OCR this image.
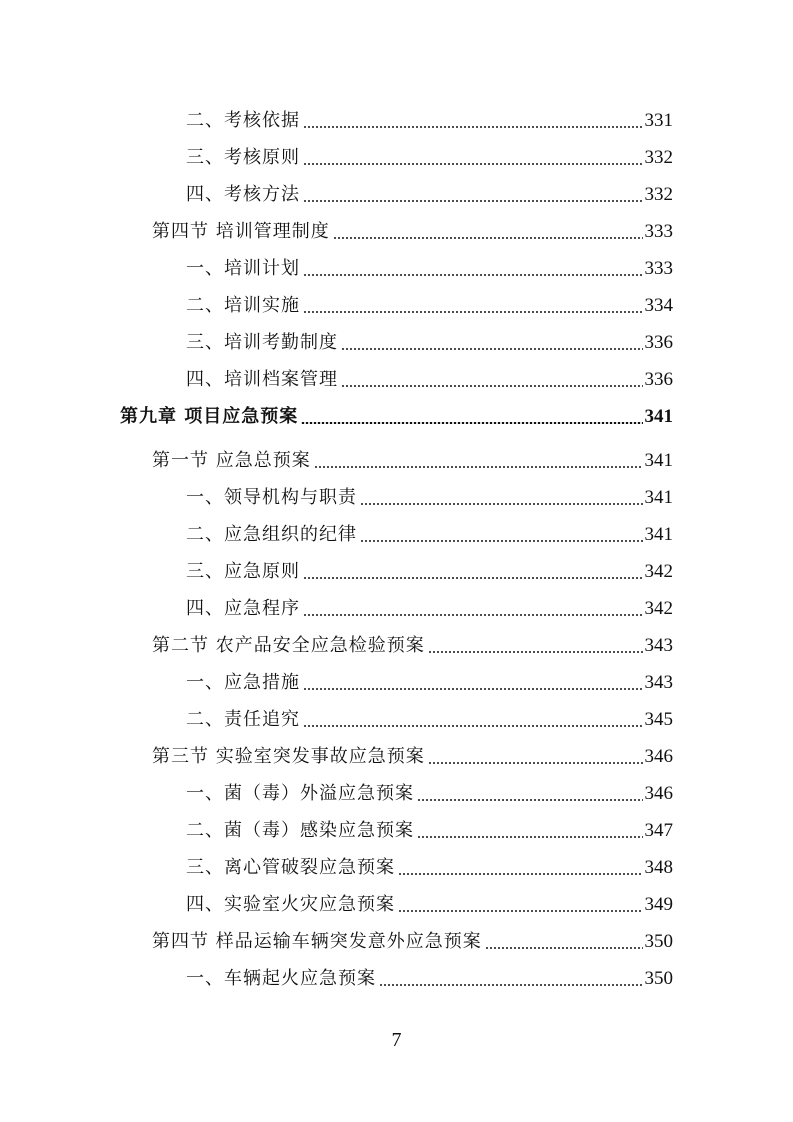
二、考核依据	331
三、考核原则	332
四、考核方法	332
第四节 培训管理制度	333
一、培训计划	333
二、培训实施	334
三、培训考勤制度	336
四、培训档案管理	336
第九章 项目应急预案	341
第一节 应急总预案	341
一、领导机构与职责	341
二、应急组织的纪律	341
三、应急原则	342
四、应急程序	342
第二节 农产品安全应急检验预案	343
一、应急措施	343
二、责任追究	345
第三节 实验室突发事故应急预案	346
一、菌（毒）外溢应急预案	346
二、菌（毒）感染应急预案	347
三、离心管破裂应急预案	348
四、实验室火灾应急预案	349
第四节 样品运输车辆突发意外应急预案	350
一、车辆起火应急预案	350
7
